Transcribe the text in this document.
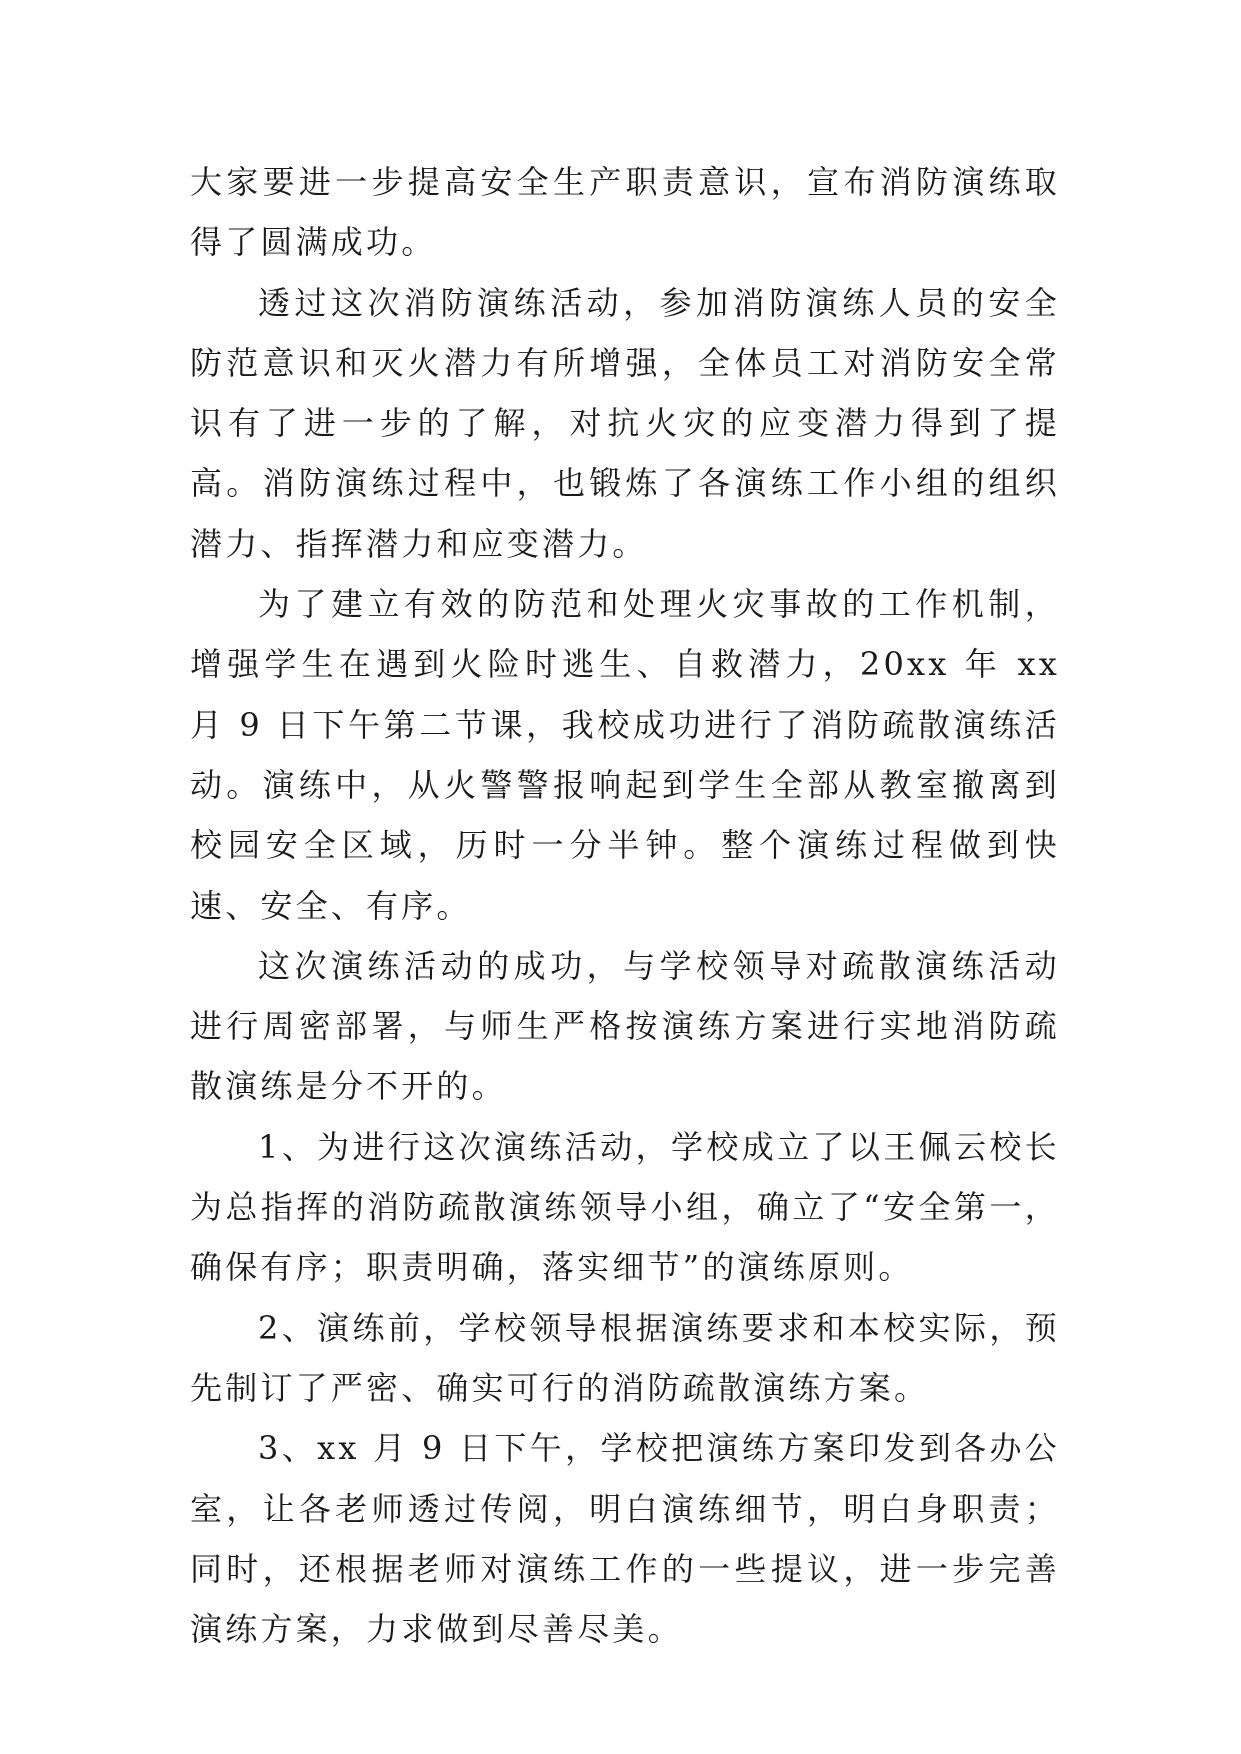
大家要进一步提高安全生产职责意识，宣布消防演练取得了圆满成功。

透过这次消防演练活动，参加消防演练人员的安全防范意识和灭火潜力有所增强，全体员工对消防安全常识有了进一步的了解，对抗火灾的应变潜力得到了提高。消防演练过程中，也锻炼了各演练工作小组的组织潜力、指挥潜力和应变潜力。

为了建立有效的防范和处理火灾事故的工作机制，增强学生在遇到火险时逃生、自救潜力，20xx 年 xx 月 9 日下午第二节课，我校成功进行了消防疏散演练活动。演练中，从火警警报响起到学生全部从教室撤离到校园安全区域，历时一分半钟。整个演练过程做到快速、安全、有序。

这次演练活动的成功，与学校领导对疏散演练活动进行周密部署，与师生严格按演练方案进行实地消防疏散演练是分不开的。

1、为进行这次演练活动，学校成立了以王佩云校长为总指挥的消防疏散演练领导小组，确立了“安全第一，确保有序；职责明确，落实细节”的演练原则。

2、演练前，学校领导根据演练要求和本校实际，预先制订了严密、确实可行的消防疏散演练方案。

3、xx 月 9 日下午，学校把演练方案印发到各办公室，让各老师透过传阅，明白演练细节，明白身职责；同时，还根据老师对演练工作的一些提议，进一步完善演练方案，力求做到尽善尽美。
